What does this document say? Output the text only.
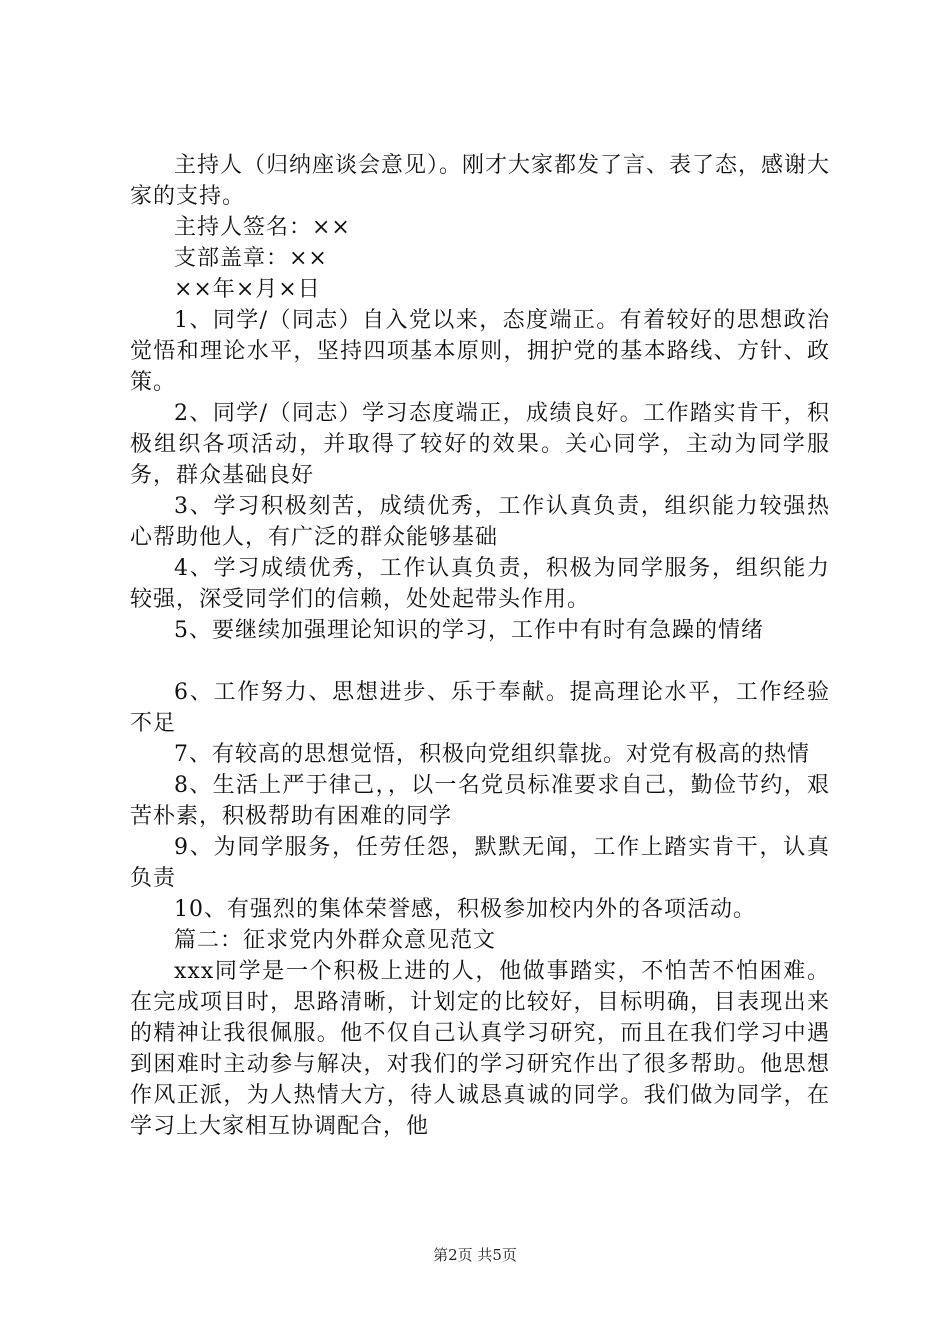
主持人（归纳座谈会意见）。刚才大家都发了言、表了态，感谢大家的支持。

主持人签名：××

支部盖章：××

××年×月×日

1、同学/（同志）自入党以来，态度端正。有着较好的思想政治觉悟和理论水平，坚持四项基本原则，拥护党的基本路线、方针、政策。

2、同学/（同志）学习态度端正，成绩良好。工作踏实肯干，积极组织各项活动，并取得了较好的效果。关心同学，主动为同学服务，群众基础良好

3、学习积极刻苦，成绩优秀，工作认真负责，组织能力较强热心帮助他人，有广泛的群众能够基础

4、学习成绩优秀，工作认真负责，积极为同学服务，组织能力较强，深受同学们的信赖，处处起带头作用。

5、要继续加强理论知识的学习，工作中有时有急躁的情绪

6、工作努力、思想进步、乐于奉献。提高理论水平，工作经验不足

7、有较高的思想觉悟，积极向党组织靠拢。对党有极高的热情

8、生活上严于律己，，以一名党员标准要求自己，勤俭节约，艰苦朴素，积极帮助有困难的同学

9、为同学服务，任劳任怨，默默无闻，工作上踏实肯干，认真负责

10、有强烈的集体荣誉感，积极参加校内外的各项活动。

篇二：征求党内外群众意见范文

xxx同学是一个积极上进的人，他做事踏实，不怕苦不怕困难。在完成项目时，思路清晰，计划定的比较好，目标明确，目表现出来的精神让我很佩服。他不仅自己认真学习研究，而且在我们学习中遇到困难时主动参与解决，对我们的学习研究作出了很多帮助。他思想作风正派，为人热情大方，待人诚恳真诚的同学。我们做为同学，在学习上大家相互协调配合，他

第2页 共5页
